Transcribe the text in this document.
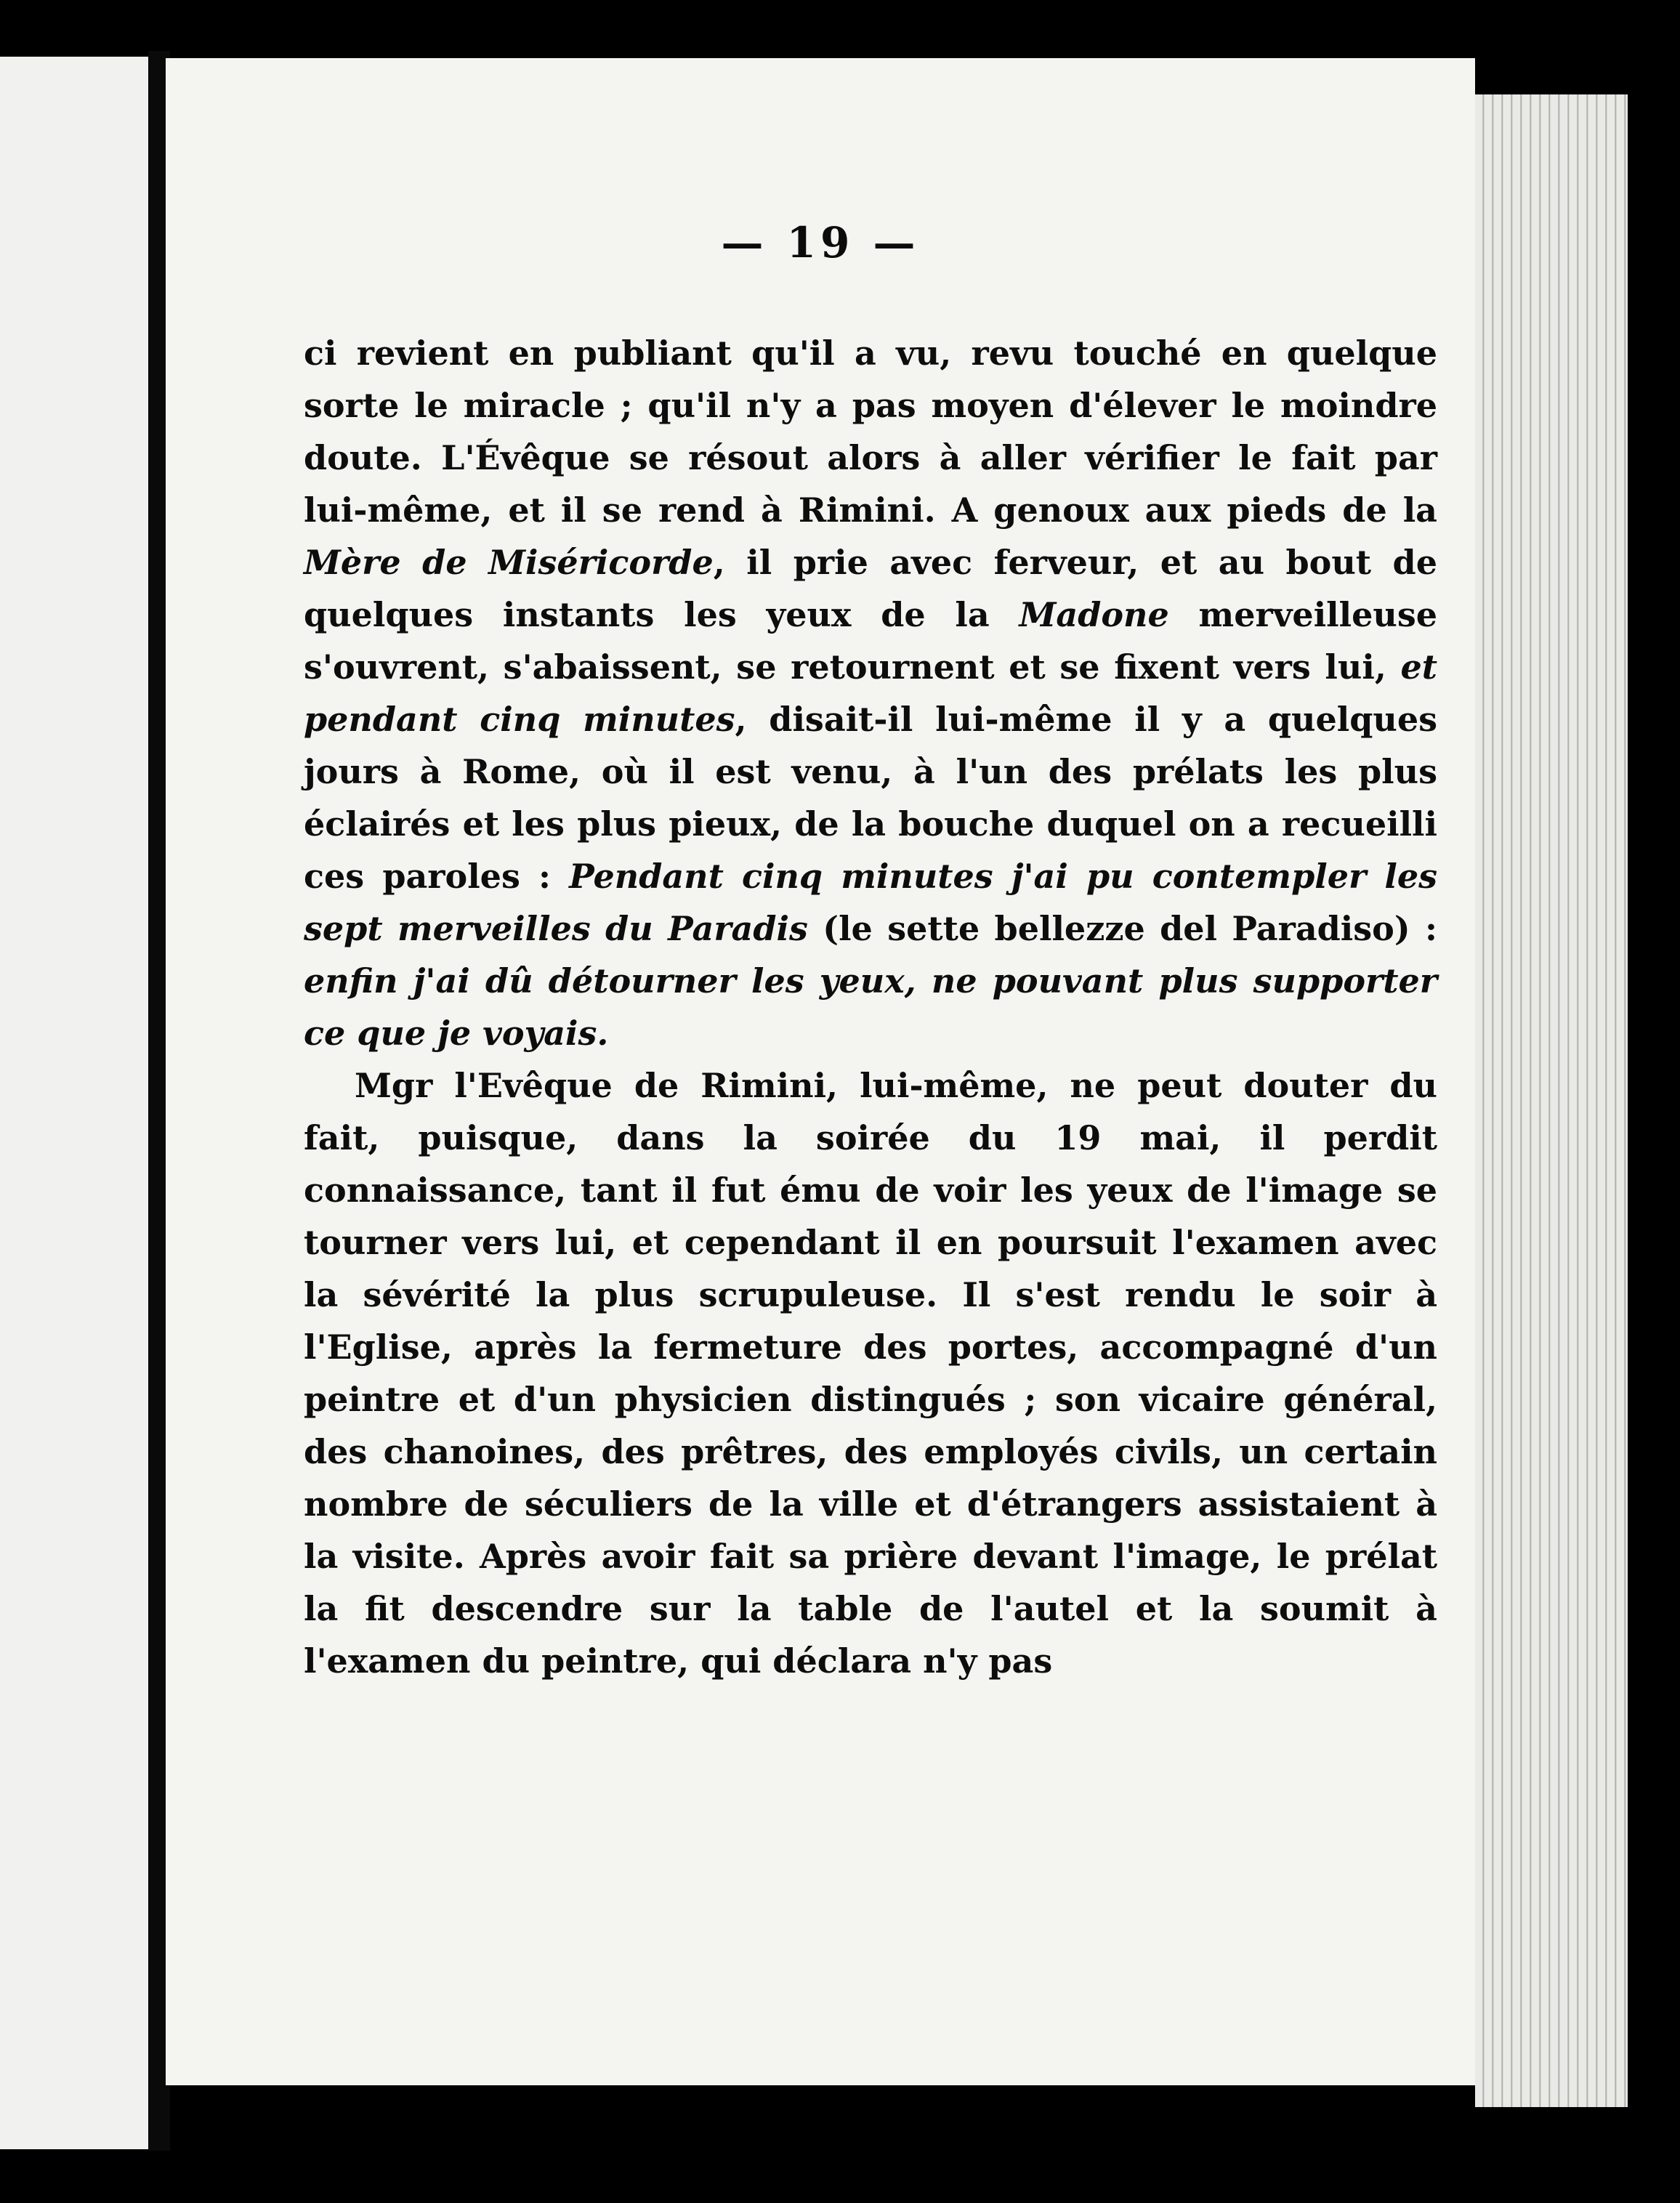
— 19 —

ci revient en publiant qu'il a vu, revu touché en quelque sorte le miracle ; qu'il n'y a pas moyen d'élever le moindre doute. L'Évêque se résout alors à aller vérifier le fait par lui-même, et il se rend à Rimini. A genoux aux pieds de la Mère de Miséricorde, il prie avec ferveur, et au bout de quelques instants les yeux de la Madone merveilleuse s'ouvrent, s'abaissent, se retournent et se fixent vers lui, et pendant cinq minutes, disait-il lui-même il y a quelques jours à Rome, où il est venu, à l'un des prélats les plus éclairés et les plus pieux, de la bouche duquel on a recueilli ces paroles : Pendant cinq minutes j'ai pu contempler les sept merveilles du Paradis (le sette bellezze del Paradiso) : enfin j'ai dû détourner les yeux, ne pouvant plus supporter ce que je voyais.

Mgr l'Evêque de Rimini, lui-même, ne peut douter du fait, puisque, dans la soirée du 19 mai, il perdit connaissance, tant il fut ému de voir les yeux de l'image se tourner vers lui, et cependant il en poursuit l'examen avec la sévérité la plus scrupuleuse. Il s'est rendu le soir à l'Eglise, après la fermeture des portes, accompagné d'un peintre et d'un physicien distingués ; son vicaire général, des chanoines, des prêtres, des employés civils, un certain nombre de séculiers de la ville et d'étrangers assistaient à la visite. Après avoir fait sa prière devant l'image, le prélat la fit descendre sur la table de l'autel et la soumit à l'examen du peintre, qui déclara n'y pas
